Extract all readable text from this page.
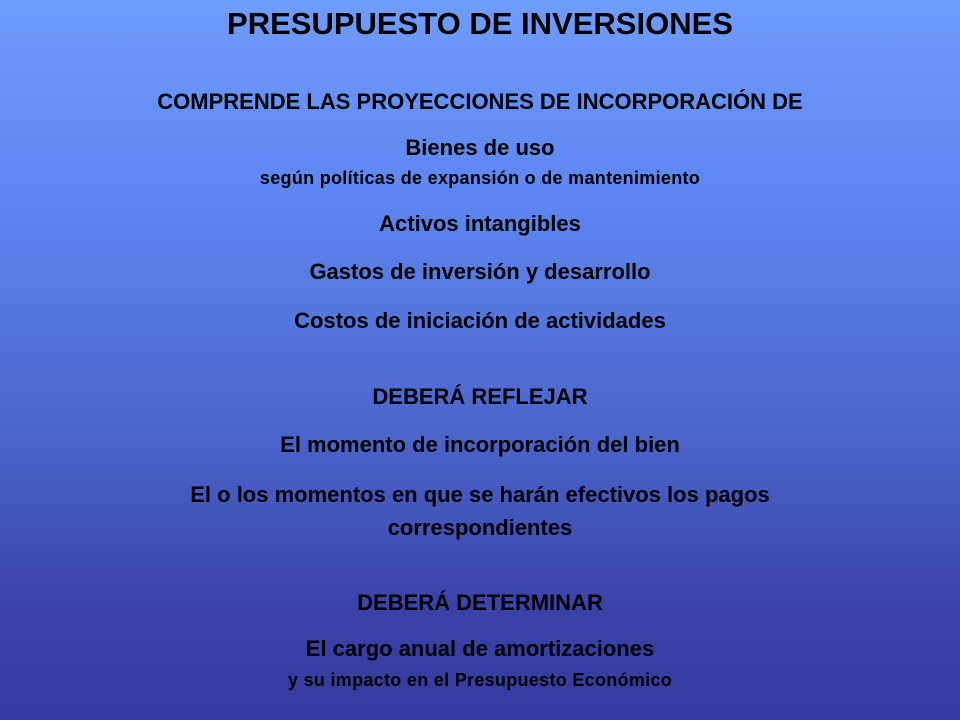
PRESUPUESTO DE INVERSIONES
COMPRENDE LAS PROYECCIONES DE INCORPORACIÓN DE
Bienes de uso
según políticas de expansión o de mantenimiento
Activos intangibles
Gastos de inversión y desarrollo
Costos de iniciación de actividades
DEBERÁ REFLEJAR
El momento de incorporación del bien
El o los momentos en que se harán efectivos los pagos correspondientes
DEBERÁ DETERMINAR
El cargo anual de amortizaciones
y su impacto en el Presupuesto Económico
